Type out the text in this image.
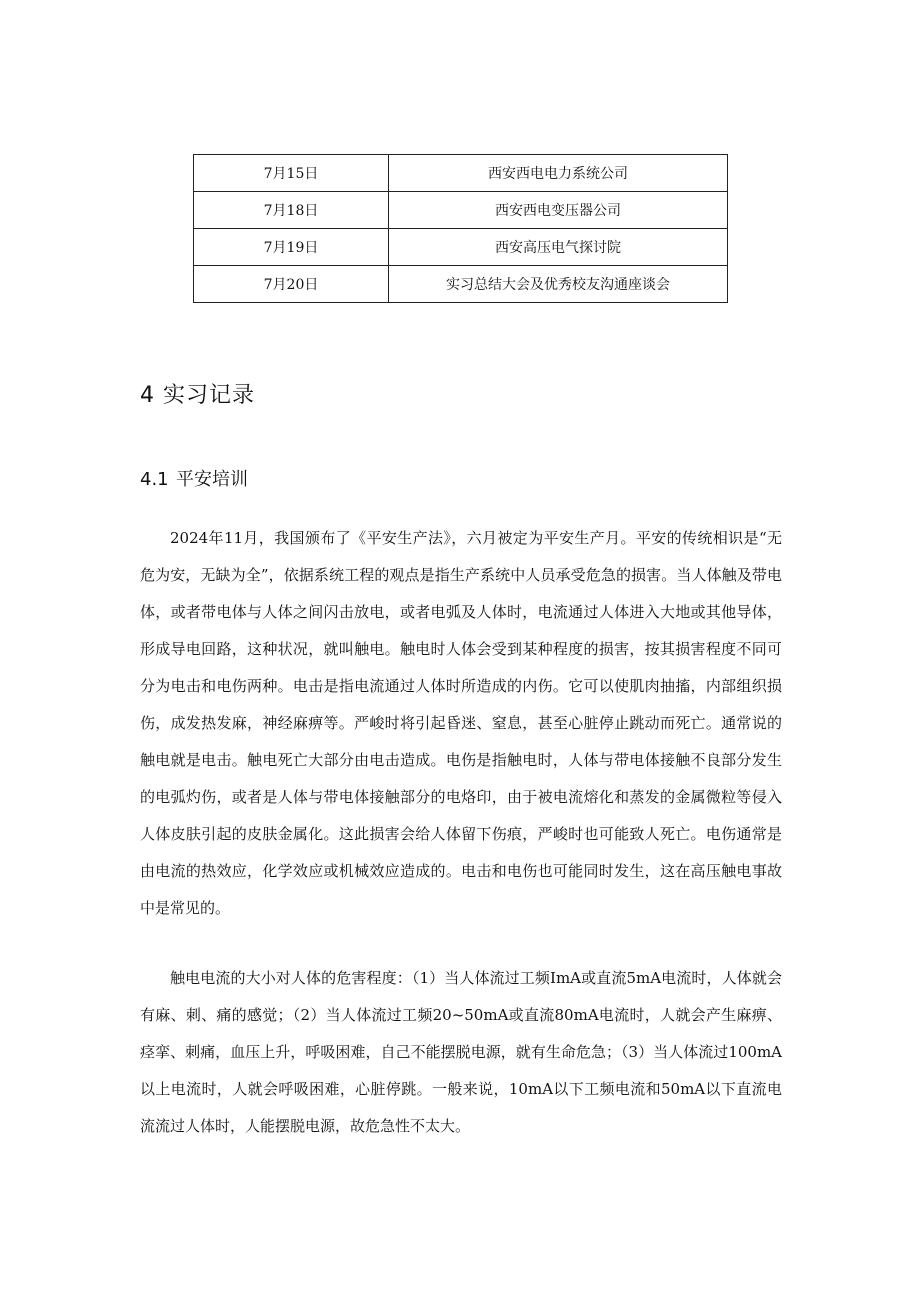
7月15日	西安西电电力系统公司
7月18日	西安西电变压器公司
7月19日	西安高压电气探讨院
7月20日	实习总结大会及优秀校友沟通座谈会
4 实习记录
4.1 平安培训

2024年11月，我国颁布了《平安生产法》，六月被定为平安生产月。平安的传统相识是“无危为安，无缺为全”，依据系统工程的观点是指生产系统中人员承受危急的损害。当人体触及带电体，或者带电体与人体之间闪击放电，或者电弧及人体时，电流通过人体进入大地或其他导体，形成导电回路，这种状况，就叫触电。触电时人体会受到某种程度的损害，按其损害程度不同可分为电击和电伤两种。电击是指电流通过人体时所造成的内伤。它可以使肌肉抽搐，内部组织损伤，成发热发麻，神经麻痹等。严峻时将引起昏迷、窒息，甚至心脏停止跳动而死亡。通常说的触电就是电击。触电死亡大部分由电击造成。电伤是指触电时，人体与带电体接触不良部分发生的电弧灼伤，或者是人体与带电体接触部分的电烙印，由于被电流熔化和蒸发的金属微粒等侵入人体皮肤引起的皮肤金属化。这此损害会给人体留下伤痕，严峻时也可能致人死亡。电伤通常是由电流的热效应，化学效应或机械效应造成的。电击和电伤也可能同时发生，这在高压触电事故中是常见的。

触电电流的大小对人体的危害程度：（1）当人体流过工频ImA或直流5mA电流时，人体就会有麻、刺、痛的感觉；（2）当人体流过工频20~50mA或直流80mA电流时，人就会产生麻痹、痉挛、刺痛，血压上升，呼吸困难，自己不能摆脱电源，就有生命危急；（3）当人体流过100mA以上电流时，人就会呼吸困难，心脏停跳。一般来说，10mA以下工频电流和50mA以下直流电流流过人体时，人能摆脱电源，故危急性不太大。
